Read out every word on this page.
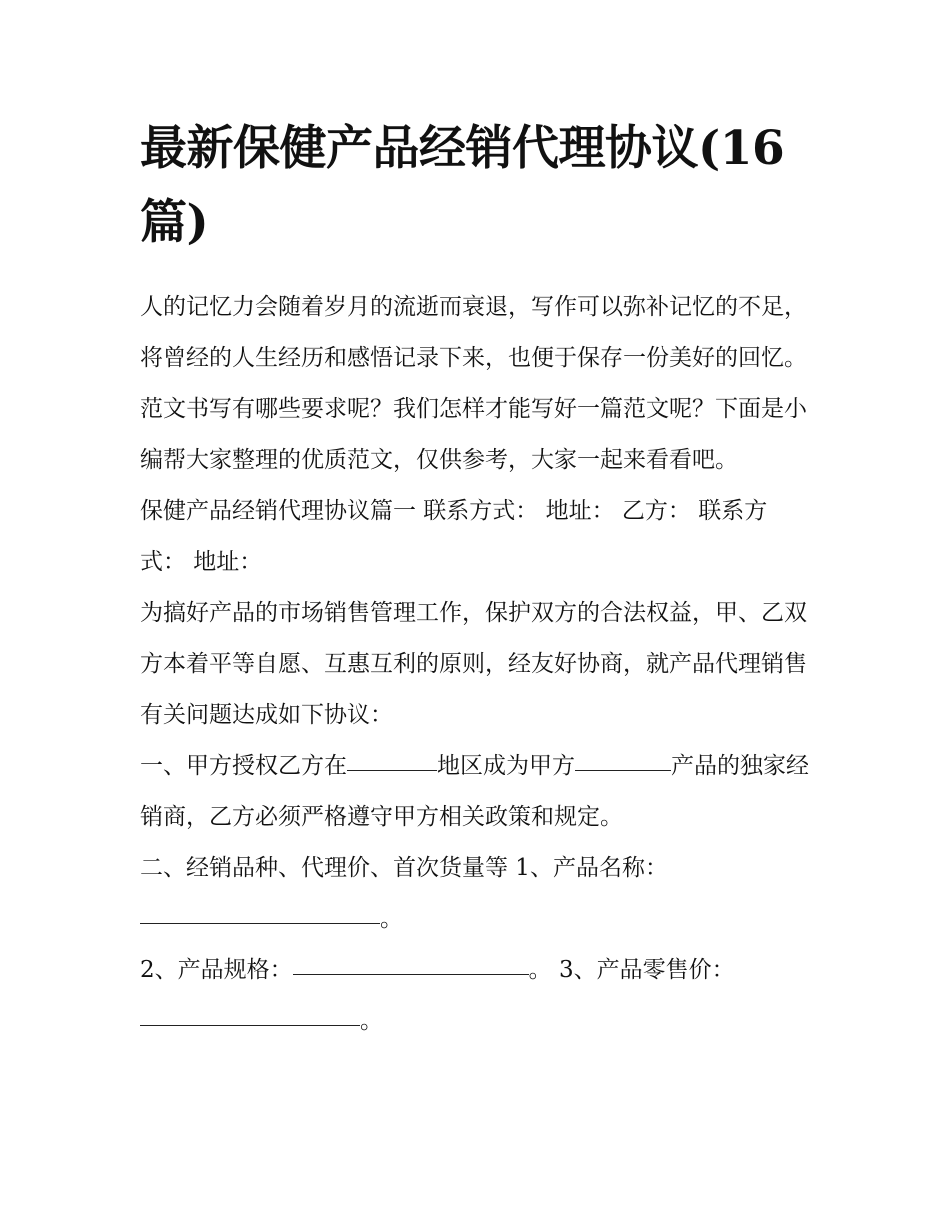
最新保健产品经销代理协议(16篇)

人的记忆力会随着岁月的流逝而衰退，写作可以弥补记忆的不足，将曾经的人生经历和感悟记录下来，也便于保存一份美好的回忆。范文书写有哪些要求呢？我们怎样才能写好一篇范文呢？下面是小编帮大家整理的优质范文，仅供参考，大家一起来看看吧。

保健产品经销代理协议篇一 联系方式： 地址： 乙方： 联系方式： 地址：

为搞好产品的市场销售管理工作，保护双方的合法权益，甲、乙双方本着平等自愿、互惠互利的原则，经友好协商，就产品代理销售有关问题达成如下协议：

一、甲方授权乙方在	地区成为甲方	产品的独家经销商，乙方必须严格遵守甲方相关政策和规定。

二、经销品种、代理价、首次货量等 1、产品名称：
。
2、产品规格：	。 3、产品零售价：
。
